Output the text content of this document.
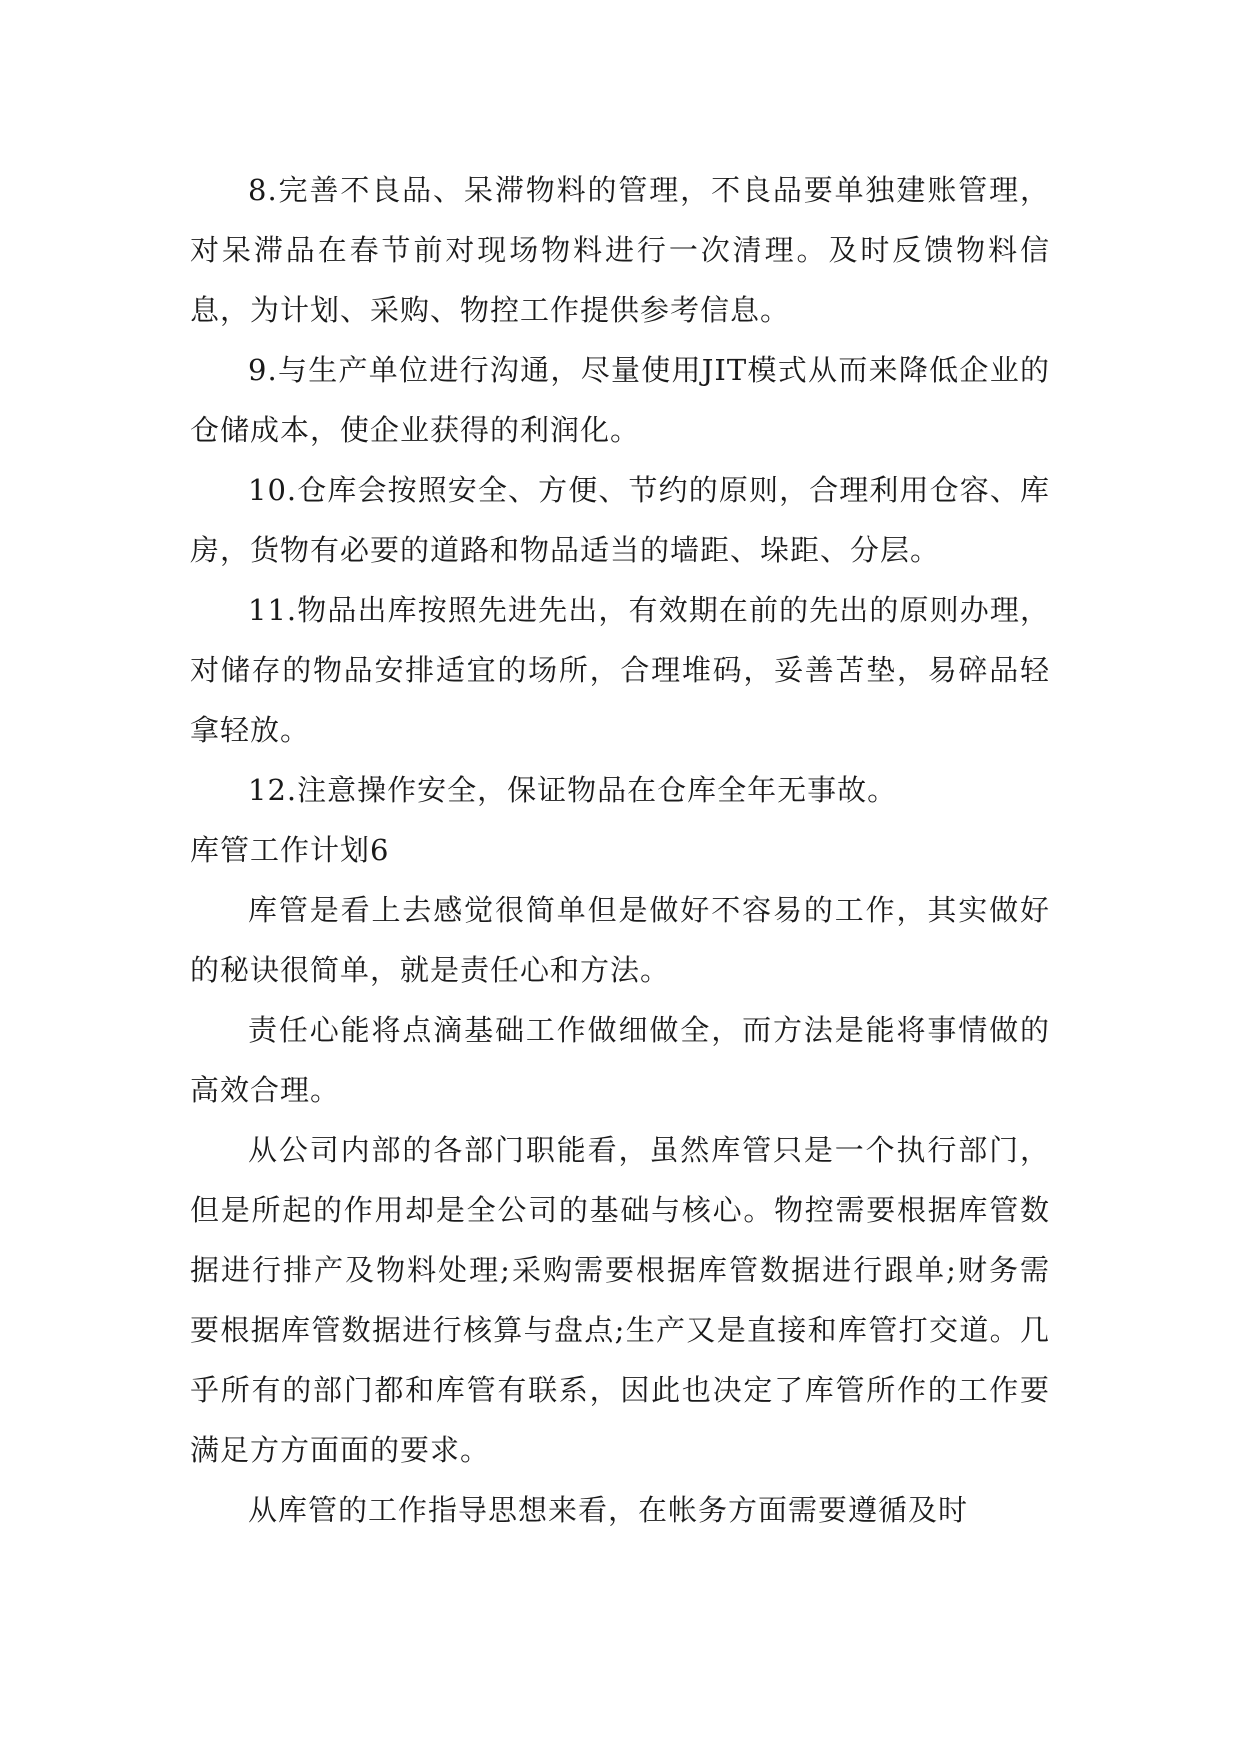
8.完善不良品、呆滞物料的管理，不良品要单独建账管理，对呆滞品在春节前对现场物料进行一次清理。及时反馈物料信息，为计划、采购、物控工作提供参考信息。

9.与生产单位进行沟通，尽量使用JIT模式从而来降低企业的仓储成本，使企业获得的利润化。

10.仓库会按照安全、方便、节约的原则，合理利用仓容、库房，货物有必要的道路和物品适当的墙距、垛距、分层。

11.物品出库按照先进先出，有效期在前的先出的原则办理，对储存的物品安排适宜的场所，合理堆码，妥善苫垫，易碎品轻拿轻放。

12.注意操作安全，保证物品在仓库全年无事故。

库管工作计划6

库管是看上去感觉很简单但是做好不容易的工作，其实做好的秘诀很简单，就是责任心和方法。

责任心能将点滴基础工作做细做全，而方法是能将事情做的高效合理。

从公司内部的各部门职能看，虽然库管只是一个执行部门，但是所起的作用却是全公司的基础与核心。物控需要根据库管数据进行排产及物料处理;采购需要根据库管数据进行跟单;财务需要根据库管数据进行核算与盘点;生产又是直接和库管打交道。几乎所有的部门都和库管有联系，因此也决定了库管所作的工作要满足方方面面的要求。

从库管的工作指导思想来看，在帐务方面需要遵循及时
